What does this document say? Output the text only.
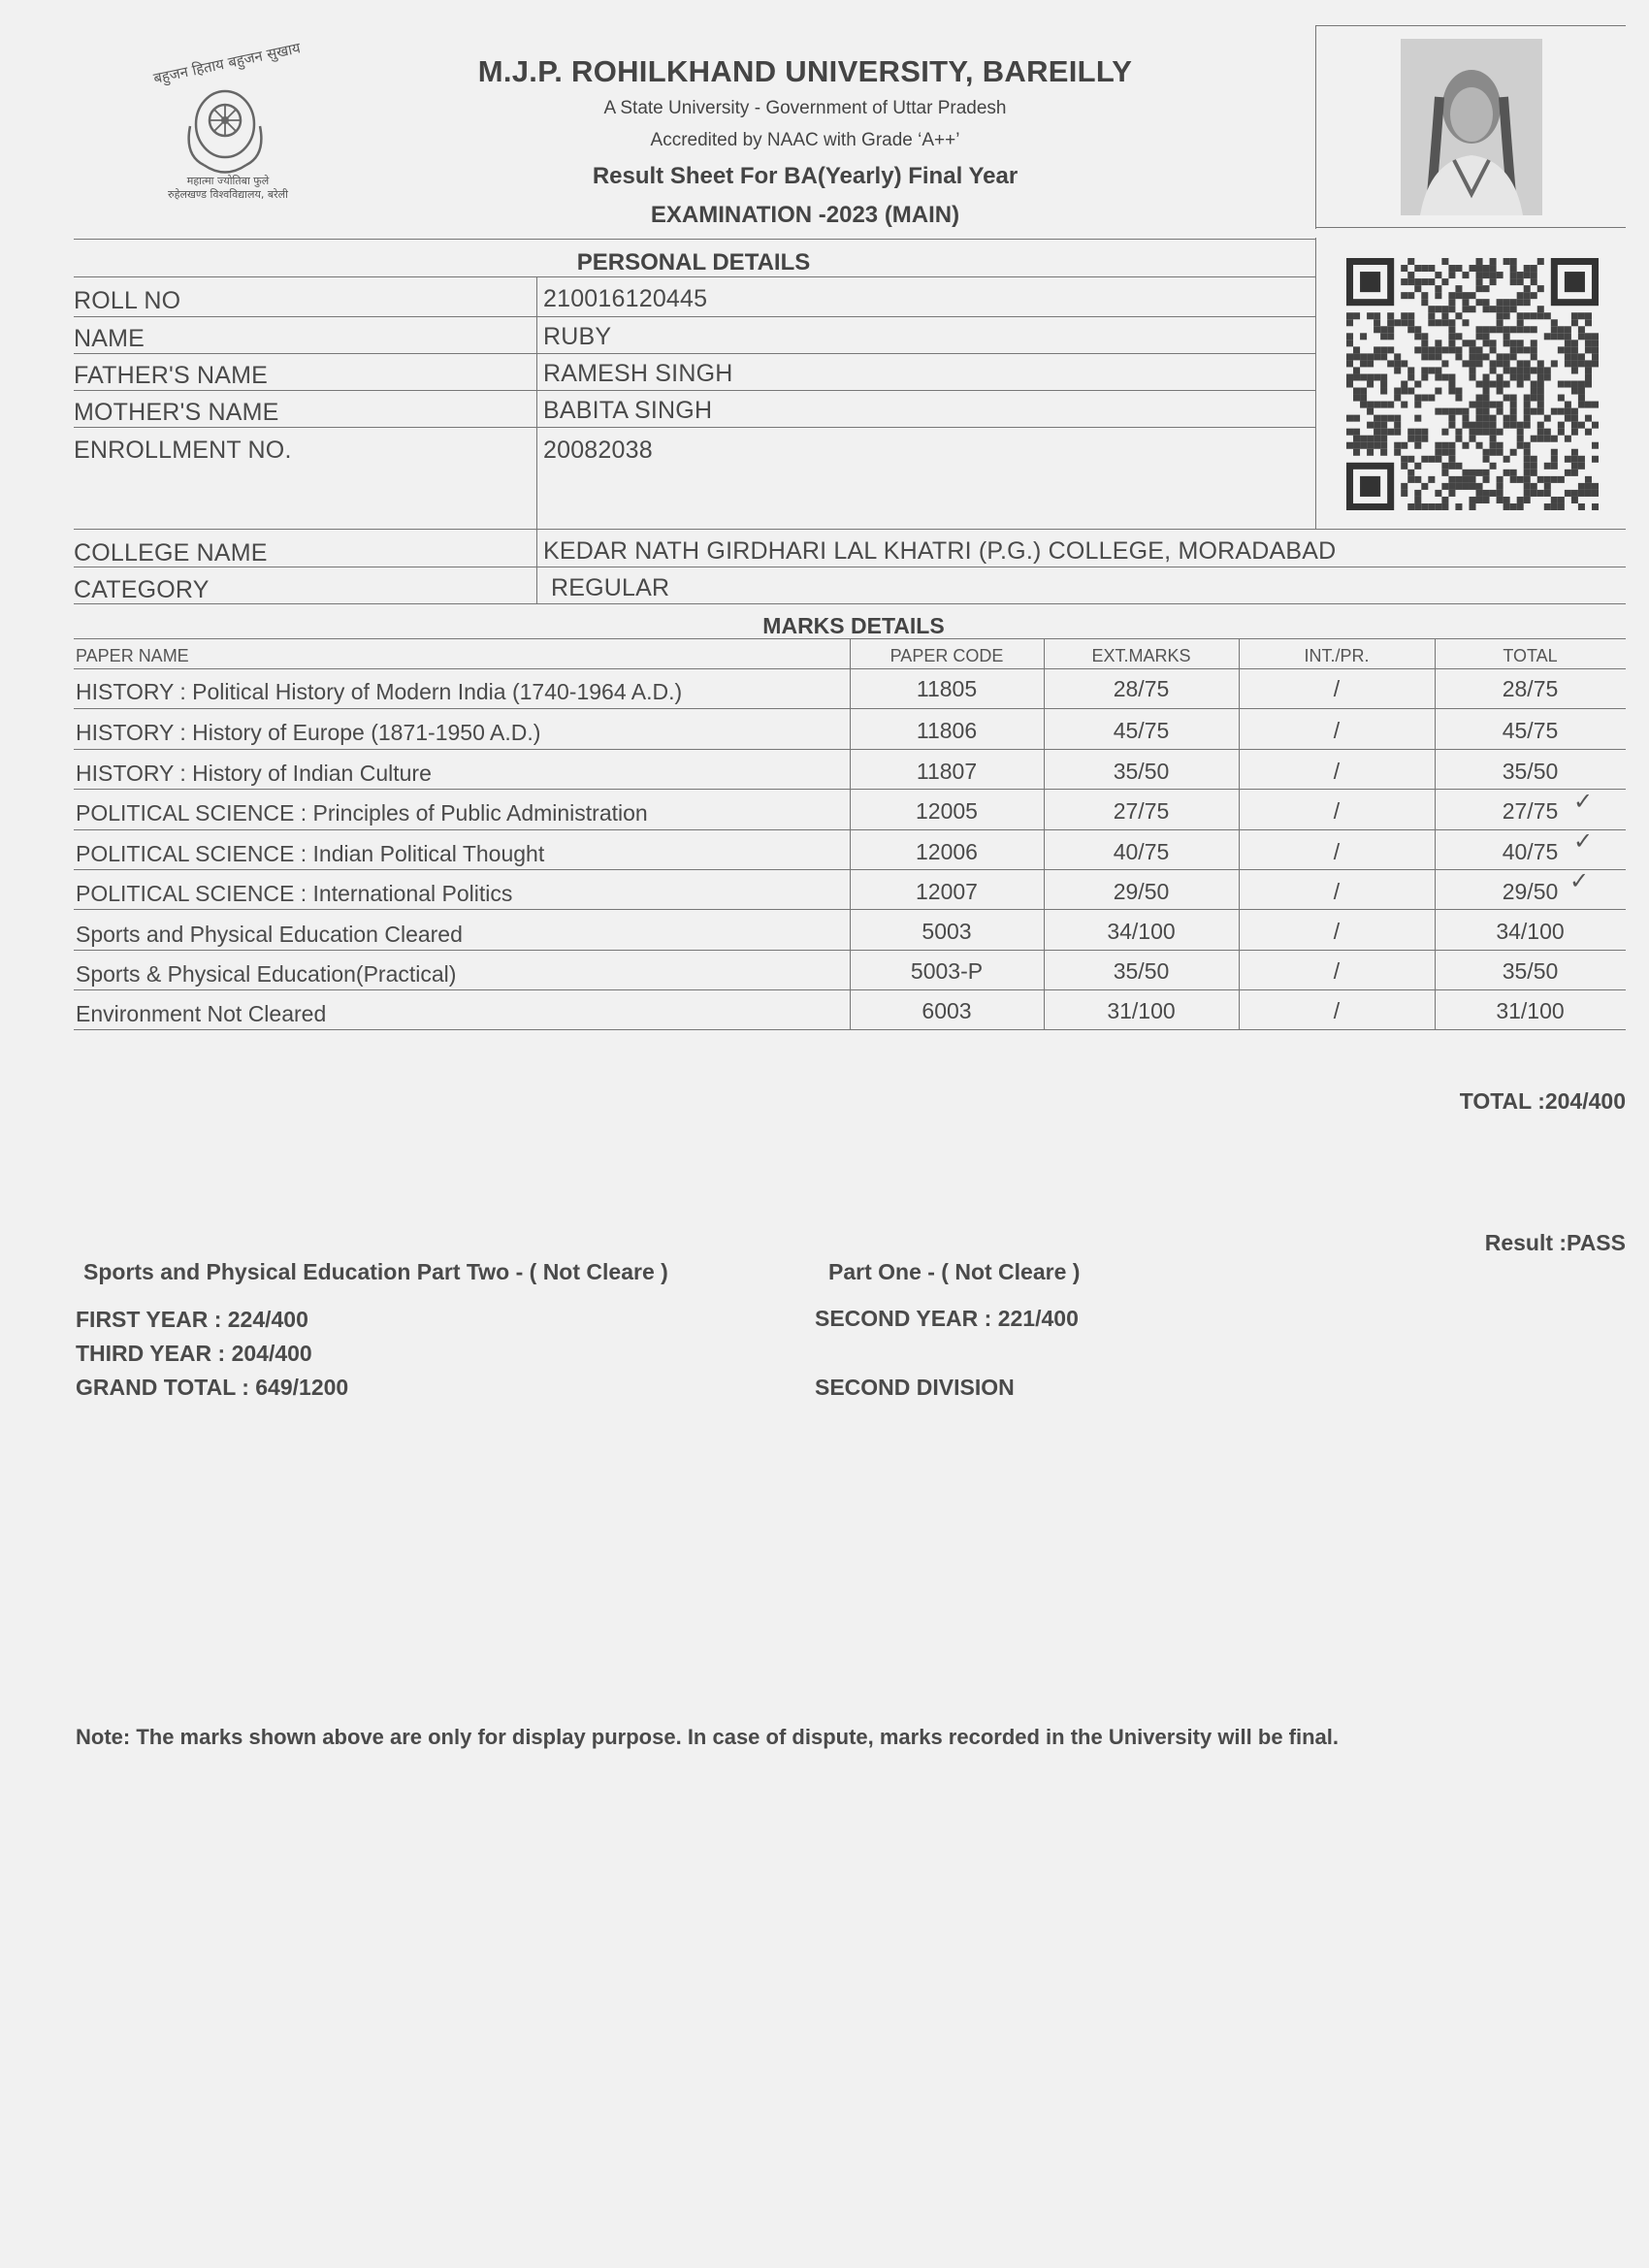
बहुजन हिताय बहुजन सुखाय
महात्मा ज्योतिबा फुले
रुहेलखण्ड विश्वविद्यालय, बरेली
M.J.P. ROHILKHAND UNIVERSITY, BAREILLY
A State University - Government of Uttar Pradesh
Accredited by NAAC with Grade ‘A++’
Result Sheet For BA(Yearly) Final Year
EXAMINATION -2023 (MAIN)
PERSONAL DETAILS
ROLL NO	210016120445
NAME	RUBY
FATHER'S NAME	RAMESH SINGH
MOTHER'S NAME	BABITA SINGH
ENROLLMENT NO.	20082038
COLLEGE NAME	KEDAR NATH GIRDHARI LAL KHATRI (P.G.) COLLEGE, MORADABAD
CATEGORY	REGULAR
MARKS DETAILS
PAPER NAME	PAPER CODE	EXT.MARKS	INT./PR.	TOTAL
HISTORY : Political History of Modern India (1740-1964 A.D.)	11805	28/75	/	28/75
HISTORY : History of Europe (1871-1950 A.D.)	11806	45/75	/	45/75
HISTORY : History of Indian Culture	11807	35/50	/	35/50
POLITICAL SCIENCE : Principles of Public Administration	12005	27/75	/	27/75
POLITICAL SCIENCE : Indian Political Thought	12006	40/75	/	40/75
POLITICAL SCIENCE : International Politics	12007	29/50	/	29/50
Sports and Physical Education Cleared	5003	34/100	/	34/100
Sports & Physical Education(Practical)	5003-P	35/50	/	35/50
Environment Not Cleared	6003	31/100	/	31/100
✓
✓
✓
TOTAL :204/400
Result :PASS
Sports and Physical Education Part Two - ( Not Cleare )	Part One - ( Not Cleare )
FIRST YEAR : 224/400	SECOND YEAR : 221/400
THIRD YEAR : 204/400
GRAND TOTAL : 649/1200	SECOND DIVISION
Note: The marks shown above are only for display purpose. In case of dispute, marks recorded in the University will be final.
